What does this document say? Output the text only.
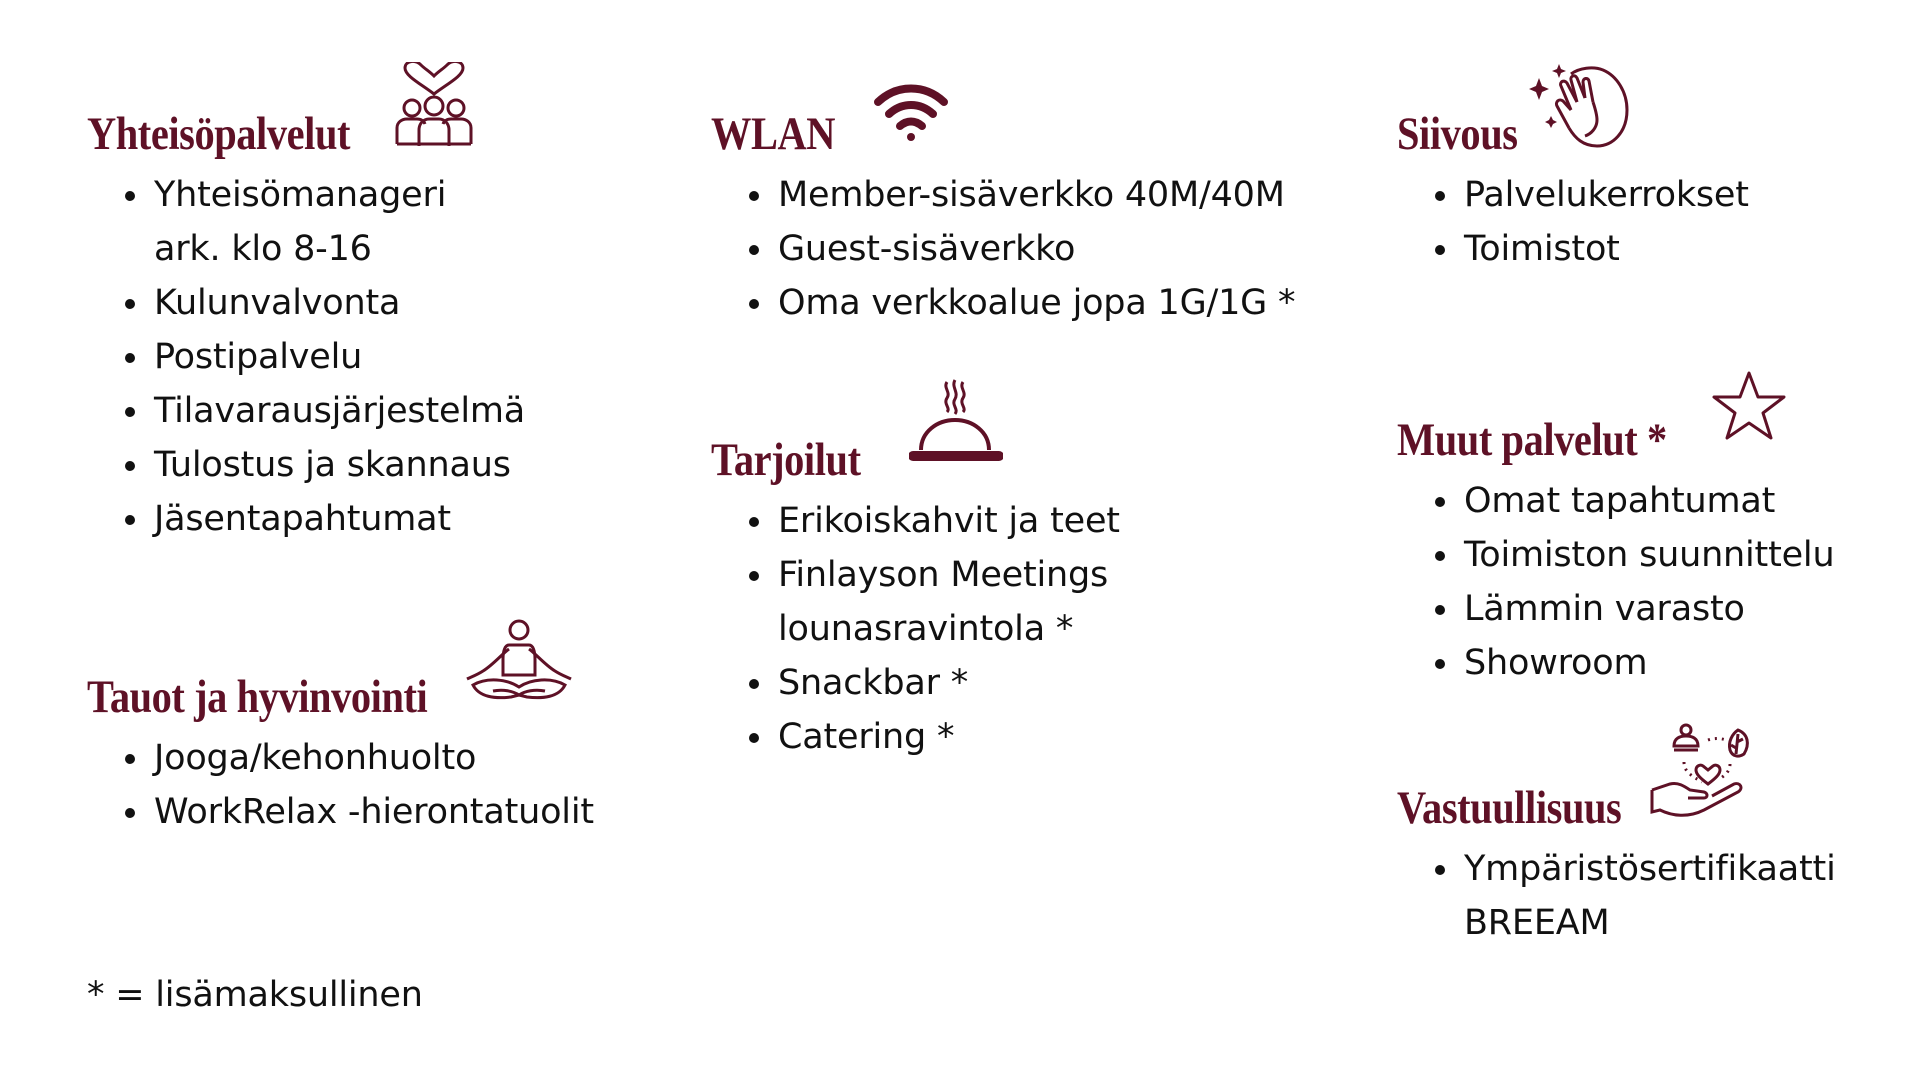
Yhteisöpalvelut
Yhteisömanageri
ark. klo 8-16
Kulunvalvonta
Postipalvelu
Tilavarausjärjestelmä
Tulostus ja skannaus
Jäsentapahtumat
Tauot ja hyvinvointi
Jooga/kehonhuolto
WorkRelax -hierontatuolit
WLAN
Member-sisäverkko 40M/40M
Guest-sisäverkko
Oma verkkoalue jopa 1G/1G *
Tarjoilut
Erikoiskahvit ja teet
Finlayson Meetings
lounasravintola *
Snackbar *
Catering *
Siivous
Palvelukerrokset
Toimistot
Muut palvelut *
Omat tapahtumat
Toimiston suunnittelu
Lämmin varasto
Showroom
Vastuullisuus
Ympäristösertifikaatti
BREEAM
* = lisämaksullinen
